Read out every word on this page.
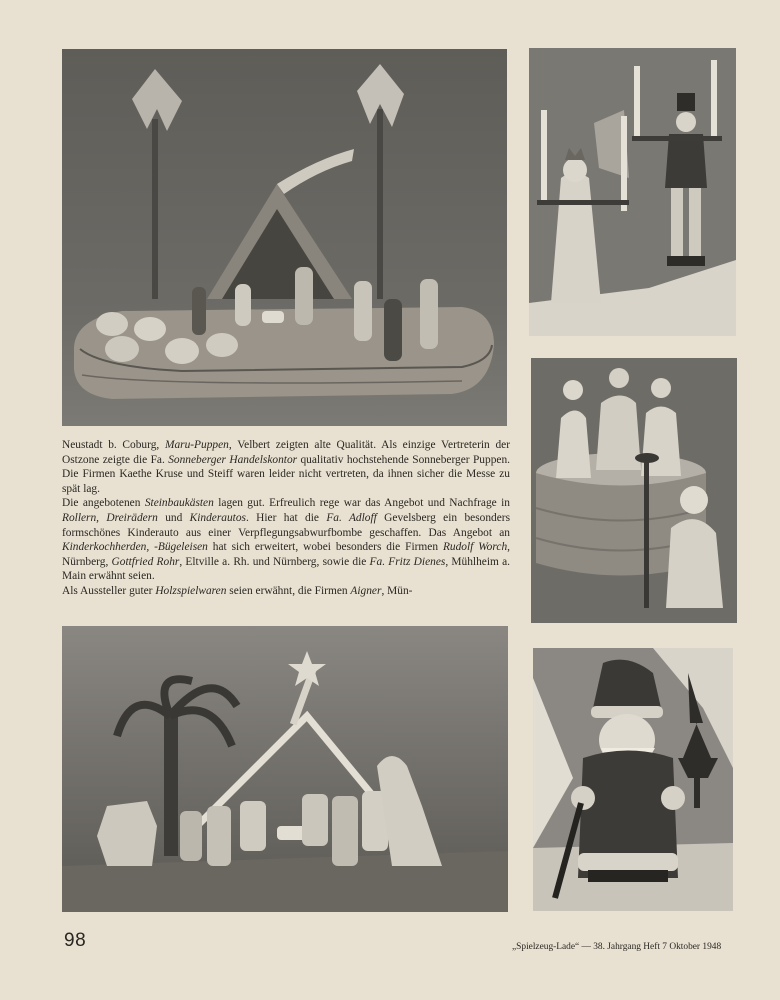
Neustadt b. Coburg, Maru-Puppen, Velbert zeigten alte Qualität. Als einzige Vertreterin der Ostzone zeigte die Fa. Sonneberger Handelskontor qualitativ hochstehende Sonneberger Puppen. Die Firmen Kaethe Kruse und Steiff waren leider nicht vertreten, da ihnen sicher die Messe zu spät lag.

Die angebotenen Steinbaukästen lagen gut. Erfreulich rege war das Angebot und Nachfrage in Rollern, Dreirädern und Kinderautos. Hier hat die Fa. Adloff Gevelsberg ein besonders formschönes Kinderauto aus einer Verpflegungsabwurfbombe geschaffen. Das Angebot an Kinderkochherden, -Bügeleisen hat sich erweitert, wobei besonders die Firmen Rudolf Worch, Nürnberg, Gottfried Rohr, Eltville a. Rh. und Nürnberg, sowie die Fa. Fritz Dienes, Mühlheim a. Main erwähnt seien.

Als Aussteller guter Holzspielwaren seien erwähnt, die Firmen Aigner, Mün-

98	„Spielzeug-Lade“ — 38. Jahrgang Heft 7 Oktober 1948
